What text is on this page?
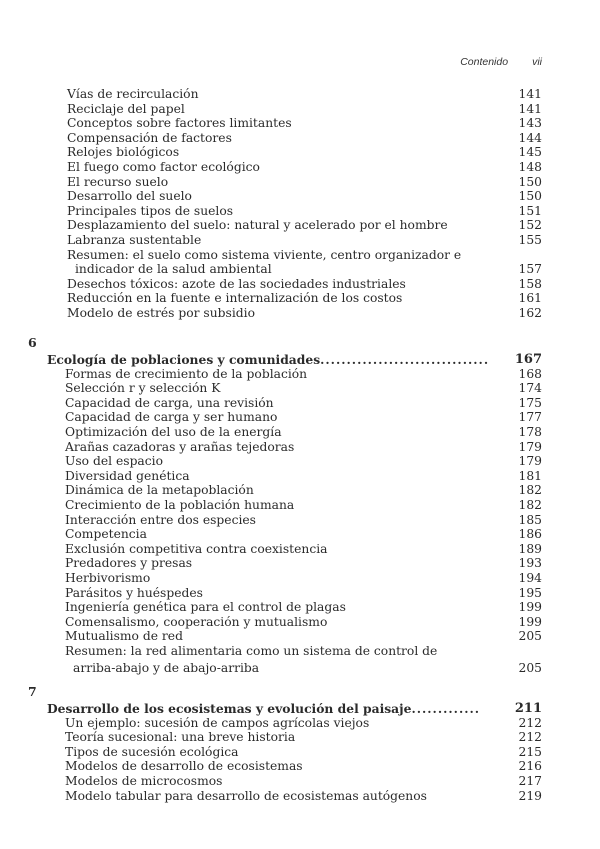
Contenido vii
Vías de recirculación	141
Reciclaje del papel	141
Conceptos sobre factores limitantes	143
Compensación de factores	144
Relojes biológicos	145
El fuego como factor ecológico	148
El recurso suelo	150
Desarrollo del suelo	150
Principales tipos de suelos	151
Desplazamiento del suelo: natural y acelerado por el hombre	152
Labranza sustentable	155
Resumen: el suelo como sistema viviente, centro organizador e
indicador de la salud ambiental	157
Desechos tóxicos: azote de las sociedades industriales	158
Reducción en la fuente e internalización de los costos	161
Modelo de estrés por subsidio	162
6
Ecología de poblaciones y comunidades................................ 167
Formas de crecimiento de la población	168
Selección r y selección K	174
Capacidad de carga, una revisión	175
Capacidad de carga y ser humano	177
Optimización del uso de la energía	178
Arañas cazadoras y arañas tejedoras	179
Uso del espacio	179
Diversidad genética	181
Dinámica de la metapoblación	182
Crecimiento de la población humana	182
Interacción entre dos especies	185
Competencia	186
Exclusión competitiva contra coexistencia	189
Predadores y presas	193
Herbivorismo	194
Parásitos y huéspedes	195
Ingeniería genética para el control de plagas	199
Comensalismo, cooperación y mutualismo	199
Mutualismo de red	205
Resumen: la red alimentaria como un sistema de control de
arriba-abajo y de abajo-arriba	205
7
Desarrollo de los ecosistemas y evolución del paisaje.............	211
Un ejemplo: sucesión de campos agrícolas viejos	212
Teoría sucesional: una breve historia	212
Tipos de sucesión ecológica	215
Modelos de desarrollo de ecosistemas	216
Modelos de microcosmos	217
Modelo tabular para desarrollo de ecosistemas autógenos	219
